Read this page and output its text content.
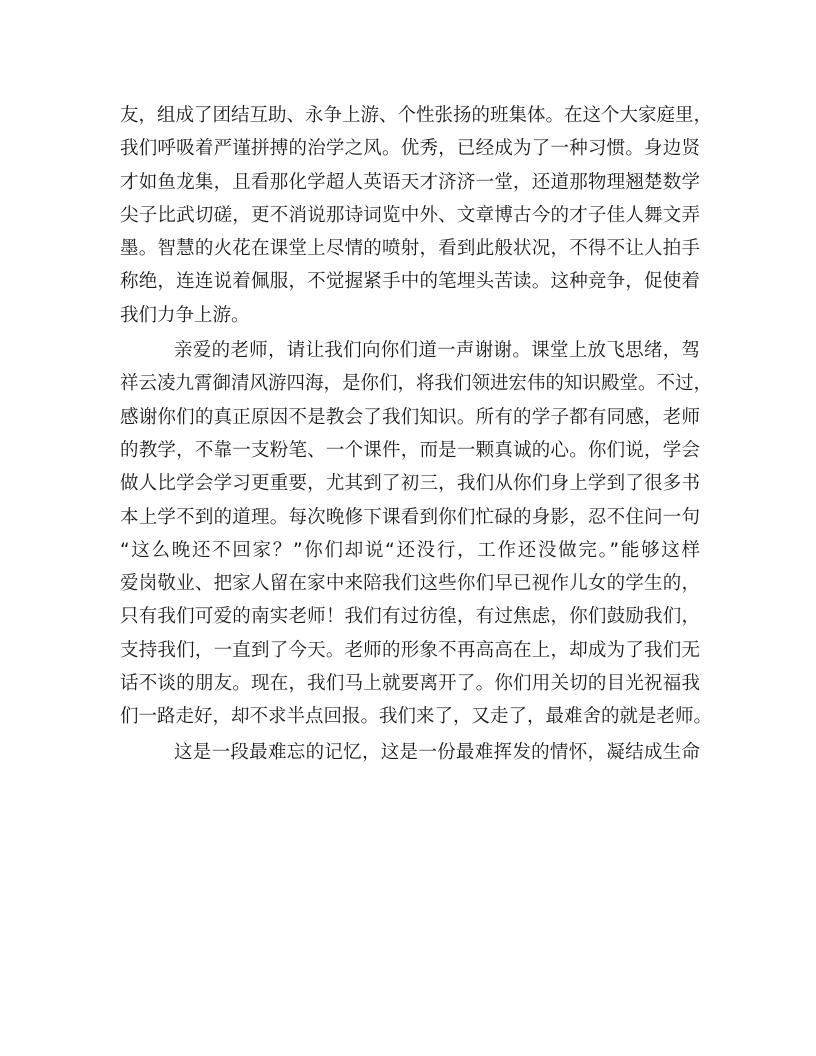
友，组成了团结互助、永争上游、个性张扬的班集体。在这个大家庭里，
我们呼吸着严谨拼搏的治学之风。优秀，已经成为了一种习惯。身边贤
才如鱼龙集，且看那化学超人英语天才济济一堂，还道那物理翘楚数学
尖子比武切磋，更不消说那诗词览中外、文章博古今的才子佳人舞文弄
墨。智慧的火花在课堂上尽情的喷射，看到此般状况，不得不让人拍手
称绝，连连说着佩服，不觉握紧手中的笔埋头苦读。这种竞争，促使着
我们力争上游。
亲爱的老师，请让我们向你们道一声谢谢。课堂上放飞思绪，驾
祥云凌九霄御清风游四海，是你们，将我们领进宏伟的知识殿堂。不过，
感谢你们的真正原因不是教会了我们知识。所有的学子都有同感，老师
的教学，不靠一支粉笔、一个课件，而是一颗真诚的心。你们说，学会
做人比学会学习更重要，尤其到了初三，我们从你们身上学到了很多书
本上学不到的道理。每次晚修下课看到你们忙碌的身影，忍不住问一句
“这么晚还不回家？”你们却说“还没行，工作还没做完。”能够这样
爱岗敬业、把家人留在家中来陪我们这些你们早已视作儿女的学生的，
只有我们可爱的南实老师！我们有过彷徨，有过焦虑，你们鼓励我们，
支持我们，一直到了今天。老师的形象不再高高在上，却成为了我们无
话不谈的朋友。现在，我们马上就要离开了。你们用关切的目光祝福我
们一路走好，却不求半点回报。我们来了，又走了，最难舍的就是老师。
这是一段最难忘的记忆，这是一份最难挥发的情怀，凝结成生命
